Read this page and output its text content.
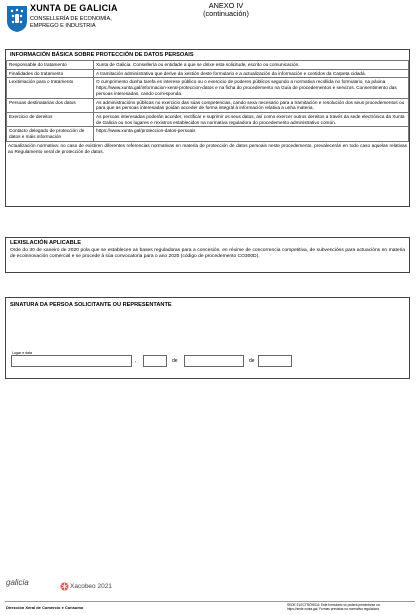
XUNTA DE GALICIA
CONSELLERÍA DE ECONOMÍA,
EMPREGO E INDUSTRIA
ANEXO IV
(continuación)
INFORMACIÓN BÁSICA SOBRE PROTECCIÓN DE DATOS PERSOAIS
Responsable do tratamento	Xunta de Galicia. Consellería ou entidade a que se dirixe esta solicitude, escrito ou comunicación.
Finalidades do tratamento	A tramitación administrativa que derive da xestión deste formulario e a actualización da información e contidos da Carpeta cidadá.
Lexitimación para o tratamento	O cumprimento dunha tarefa en interese público ou o exercicio de poderes públicos segundo a normativa recollida no formulario, na páxina https://www.xunta.gal/informacion-xeral-proteccion-datos e na ficha do procedemento na Guía de procedementos e servizos. Consentimento das persoas interesadas, cando corresponda.
Persoas destinatarias dos datos	As administracións públicas no exercicio das súas competencias, cando sexa necesario para a tramitación e resolución dos seus procedementos ou para que as persoas interesadas poidan acceder de forma integral á información relativa a unha materia.
Exercicio de dereitos	As persoas interesadas poderán acceder, rectificar e suprimir os seus datos, así como exercer outros dereitos a través da sede electrónica da Xunta de Galicia ou nos lugares e rexistros establecidos na normativa reguladora do procedemento administrativo común.
Contacto delegado de protección de datos e máis información	https://www.xunta.gal/proteccion-datos-persoais
Actualización normativa: no caso de existiren diferentes referencias normativas en materia de protección de datos persoais neste procedemento, prevalecerán en todo caso aquelas relativas ao Regulamento xeral de protección de datos.
LEXISLACIÓN APLICABLE
Orde do 30 de xaneiro de 2020 pola que se establecen as bases reguladoras para a concesión, en réxime de concorrencia competitiva, de subvencións para actuacións en materia de ecoinnovación comercial e se procede á súa convocatoria para o ano 2020 (código de procedemento CO300D).
SINATURA DA PERSOA SOLICITANTE OU REPRESENTANTE
Lugar e data
,	de	de
galicia	Xacobeo 2021
Dirección Xeral de Comercio e Consumo	SEDE ELECTRÓNICA: Este formulario só poderá presentarse na
https://sede.xunta.gal. Formas previstas na normativa reguladora
